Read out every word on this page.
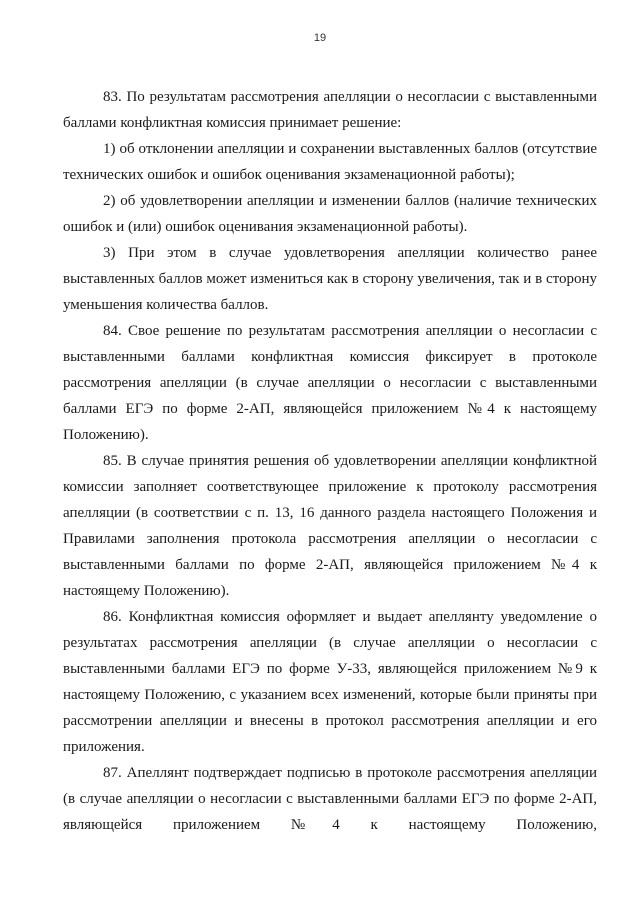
19

83. По результатам рассмотрения апелляции о несогласии с выставленными баллами конфликтная комиссия принимает решение:

1) об отклонении апелляции и сохранении выставленных баллов (отсутствие технических ошибок и ошибок оценивания экзаменационной работы);

2) об удовлетворении апелляции и изменении баллов (наличие технических ошибок и (или) ошибок оценивания экзаменационной работы).

3) При этом в случае удовлетворения апелляции количество ранее выставленных баллов может измениться как в сторону увеличения, так и в сторону уменьшения количества баллов.

84. Свое решение по результатам рассмотрения апелляции о несогласии с выставленными баллами конфликтная комиссия фиксирует в протоколе рассмотрения апелляции (в случае апелляции о несогласии с выставленными баллами ЕГЭ по форме 2-АП, являющейся приложением №4 к настоящему Положению).

85. В случае принятия решения об удовлетворении апелляции конфликтной комиссии заполняет соответствующее приложение к протоколу рассмотрения апелляции (в соответствии с п. 13, 16 данного раздела настоящего Положения и Правилами заполнения протокола рассмотрения апелляции о несогласии с выставленными баллами по форме 2-АП, являющейся приложением №4 к настоящему Положению).

86. Конфликтная комиссия оформляет и выдает апеллянту уведомление о результатах рассмотрения апелляции (в случае апелляции о несогласии с выставленными баллами ЕГЭ по форме У-33, являющейся приложением №9 к настоящему Положению, с указанием всех изменений, которые были приняты при рассмотрении апелляции и внесены в протокол рассмотрения апелляции и его приложения.

87. Апеллянт подтверждает подписью в протоколе рассмотрения апелляции (в случае апелляции о несогласии с выставленными баллами ЕГЭ по форме 2-АП, являющейся приложением №4 к настоящему Положению,
